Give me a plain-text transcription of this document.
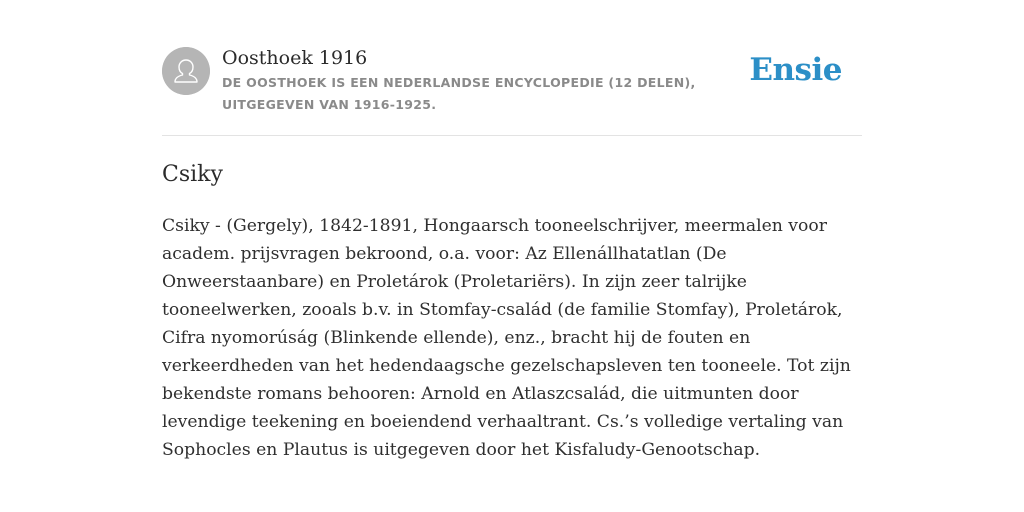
Oosthoek 1916
DE OOSTHOEK IS EEN NEDERLANDSE ENCYCLOPEDIE (12 DELEN), UITGEGEVEN VAN 1916-1925.
Ensie
Csiky

Csiky - (Gergely), 1842-1891, Hongaarsch tooneelschrijver, meermalen voor academ. prijsvragen bekroond, o.a. voor: Az Ellenállhatatlan (De Onweerstaanbare) en Proletárok (Proletariërs). In zijn zeer talrijke tooneelwerken, zooals b.v. in Stomfay-család (de familie Stomfay), Proletárok, Cifra nyomorúság (Blinkende ellende), enz., bracht hij de fouten en verkeerdheden van het hedendaagsche gezelschapsleven ten tooneele. Tot zijn bekendste romans behooren: Arnold en Atlaszcsalád, die uitmunten door levendige teekening en boeiendend verhaaltrant. Cs.’s volledige vertaling van Sophocles en Plautus is uitgegeven door het Kisfaludy-Genootschap.
